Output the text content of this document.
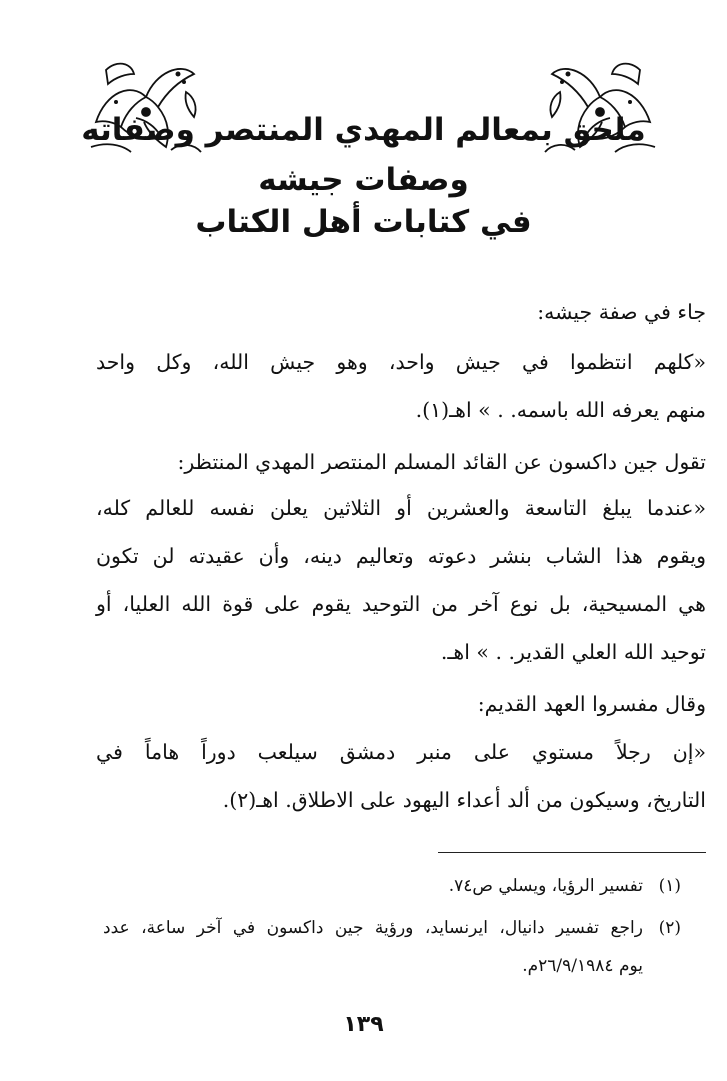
ملحق بمعالم المهدي المنتصر وصفاته
وصفات جيشه
في كتابات أهل الكتاب
جاء في صفة جيشه:
«كلهم انتظموا في جيش واحد، وهو جيش الله، وكل واحد
منهم يعرفه الله باسمه. . » اهـ(١).
تقول جين داكسون عن القائد المسلم المنتصر المهدي المنتظر:
«عندما يبلغ التاسعة والعشرين أو الثلاثين يعلن نفسه للعالم كله،
ويقوم هذا الشاب بنشر دعوته وتعاليم دينه، وأن عقيدته لن تكون
هي المسيحية، بل نوع آخر من التوحيد يقوم على قوة الله العليا، أو
توحيد الله العلي القدير. . » اهـ.
وقال مفسروا العهد القديم:
«إن رجلاً مستوي على منبر دمشق سيلعب دوراً هاماً في
التاريخ، وسيكون من ألد أعداء اليهود على الاطلاق. اهـ(٢).
(١)
تفسير الرؤيا، ويسلي ص٧٤.
(٢)
راجع تفسير دانيال، ايرنسايد، ورؤية جين داكسون في آخر ساعة، عدد
يوم ٢٦/٩/١٩٨٤م.
١٣٩
